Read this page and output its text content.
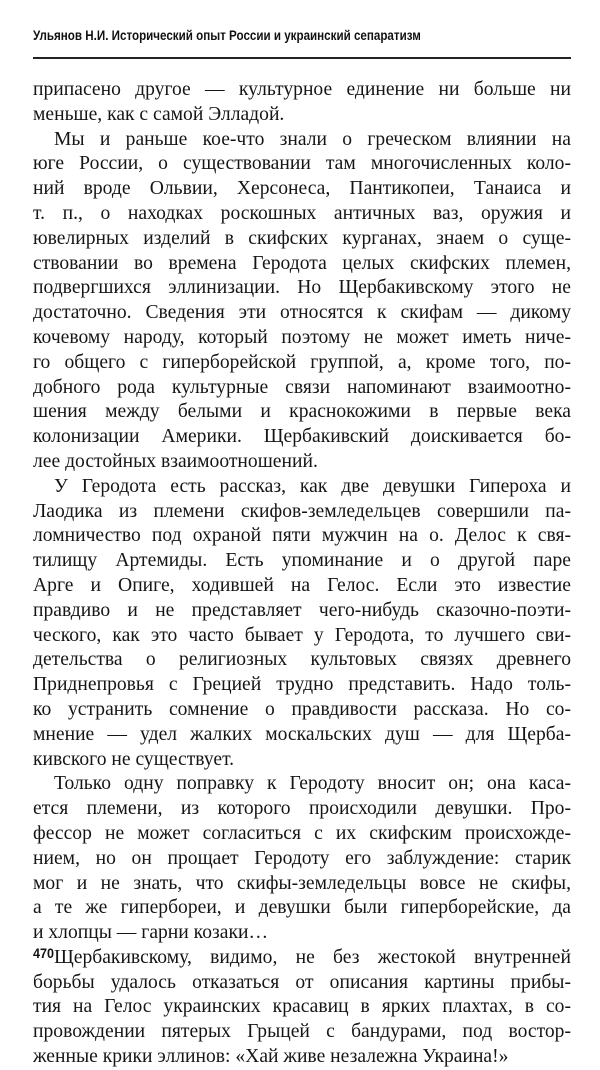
Ульянов Н.И. Исторический опыт России и украинский сепаратизм
припасено другое — культурное единение ни больше ни
меньше, как с самой Элладой.
Мы и раньше кое-что знали о греческом влиянии на
юге России, о существовании там многочисленных коло-
ний вроде Ольвии, Херсонеса, Пантикопеи, Танаиса и
т. п., о находках роскошных античных ваз, оружия и
ювелирных изделий в скифских курганах, знаем о суще-
ствовании во времена Геродота целых скифских племен,
подвергшихся эллинизации. Но Щербакивскому этого не
достаточно. Сведения эти относятся к скифам — дикому
кочевому народу, который поэтому не может иметь ниче-
го общего с гиперборейской группой, а, кроме того, по-
добного рода культурные связи напоминают взаимоотно-
шения между белыми и краснокожими в первые века
колонизации Америки. Щербакивский доискивается бо-
лее достойных взаимоотношений.
У Геродота есть рассказ, как две девушки Гипероха и
Лаодика из племени скифов-земледельцев совершили па-
ломничество под охраной пяти мужчин на о. Делос к свя-
тилищу Артемиды. Есть упоминание и о другой паре
Арге и Опиге, ходившей на Гелос. Если это известие
правдиво и не представляет чего-нибудь сказочно-поэти-
ческого, как это часто бывает у Геродота, то лучшего сви-
детельства о религиозных культовых связях древнего
Приднепровья с Грецией трудно представить. Надо толь-
ко устранить сомнение о правдивости рассказа. Но со-
мнение — удел жалких москальских душ — для Щерба-
кивского не существует.
Только одну поправку к Геродоту вносит он; она каса-
ется племени, из которого происходили девушки. Про-
фессор не может согласиться с их скифским происхожде-
нием, но он прощает Геродоту его заблуждение: старик
мог и не знать, что скифы-земледельцы вовсе не скифы,
а те же гипербореи, и девушки были гиперборейские, да
и хлопцы — гарни козаки…
Щербакивскому, видимо, не без жестокой внутренней
борьбы удалось отказаться от описания картины прибы-
тия на Гелос украинских красавиц в ярких плахтах, в со-
провождении пятерых Грыцей с бандурами, под востор-
женные крики эллинов: «Хай живе незалежна Украина!»
470
